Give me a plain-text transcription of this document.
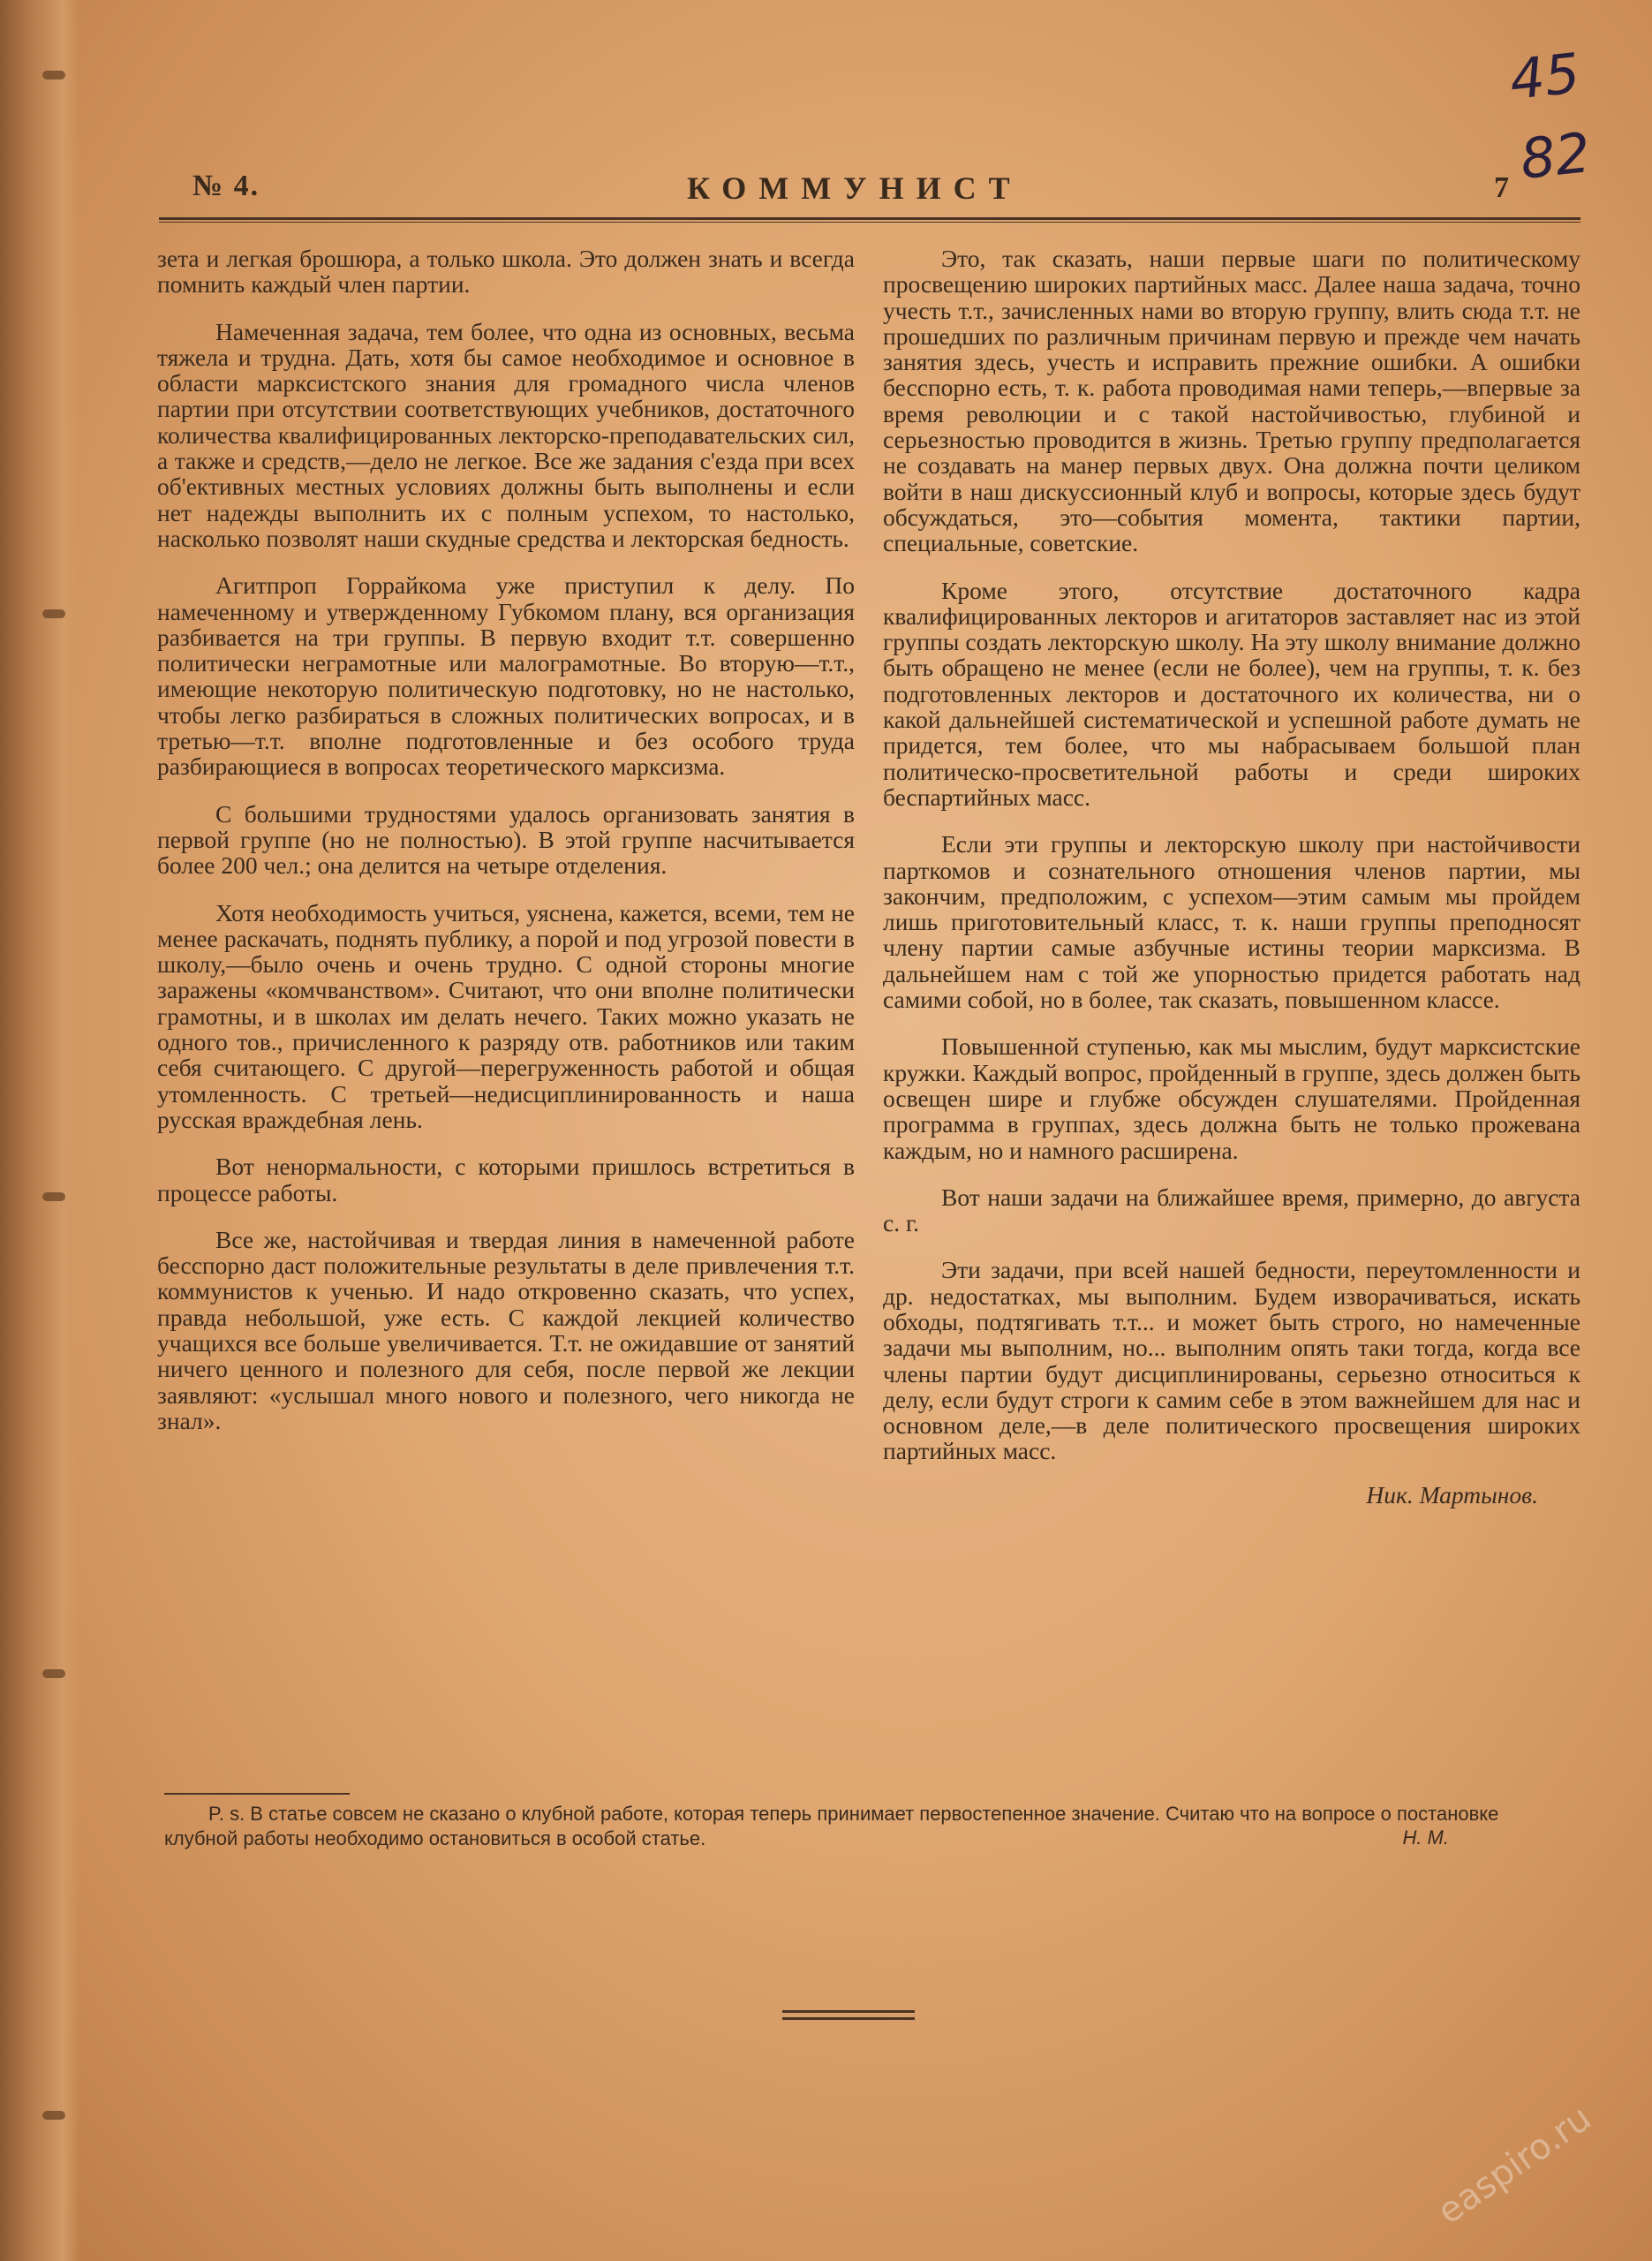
45
82
№ 4.	КОММУНИСТ	7

зета и легкая брошюра, а только школа. Это должен знать и всегда помнить каждый член партии.

Намеченная задача, тем более, что одна из основных, весьма тяжела и трудна. Дать, хотя бы самое необходимое и основное в области марксистского знания для громадного числа членов партии при отсутствии соответствующих учебников, достаточного количества квалифицированных лекторско-преподавательских сил, а также и средств,—дело не легкое. Все же задания с'езда при всех об'ективных местных условиях должны быть выполнены и если нет надежды выполнить их с полным успехом, то настолько, насколько позволят наши скудные средства и лекторская бедность.

Агитпроп Горрайкома уже приступил к делу. По намеченному и утвержденному Губкомом плану, вся организация разбивается на три группы. В первую входит т.т. совершенно политически неграмотные или малограмотные. Во вторую—т.т., имеющие некоторую политическую подготовку, но не настолько, чтобы легко разбираться в сложных политических вопросах, и в третью—т.т. вполне подготовленные и без особого труда разбирающиеся в вопросах теоретического марксизма.

С большими трудностями удалось организовать занятия в первой группе (но не полностью). В этой группе насчитывается более 200 чел.; она делится на четыре отделения.

Хотя необходимость учиться, уяснена, кажется, всеми, тем не менее раскачать, поднять публику, а порой и под угрозой повести в школу,—было очень и очень трудно. С одной стороны многие заражены «комчванством». Считают, что они вполне политически грамотны, и в школах им делать нечего. Таких можно указать не одного тов., причисленного к разряду отв. работников или таким себя считающего. С другой—перегруженность работой и общая утомленность. С третьей—недисциплинированность и наша русская враждебная лень.

Вот ненормальности, с которыми пришлось встретиться в процессе работы.

Все же, настойчивая и твердая линия в намеченной работе бесспорно даст положительные результаты в деле привлечения т.т. коммунистов к ученью. И надо откровенно сказать, что успех, правда небольшой, уже есть. С каждой лекцией количество учащихся все больше увеличивается. Т.т. не ожидавшие от занятий ничего ценного и полезного для себя, после первой же лекции заявляют: «услышал много нового и полезного, чего никогда не знал».

Это, так сказать, наши первые шаги по политическому просвещению широких партийных масс. Далее наша задача, точно учесть т.т., зачисленных нами во вторую группу, влить сюда т.т. не прошедших по различным причинам первую и прежде чем начать занятия здесь, учесть и исправить прежние ошибки. А ошибки бесспорно есть, т. к. работа проводимая нами теперь,—впервые за время революции и с такой настойчивостью, глубиной и серьезностью проводится в жизнь. Третью группу предполагается не создавать на манер первых двух. Она должна почти целиком войти в наш дискуссионный клуб и вопросы, которые здесь будут обсуждаться, это—события момента, тактики партии, специальные, советские.

Кроме этого, отсутствие достаточного кадра квалифицированных лекторов и агитаторов заставляет нас из этой группы создать лекторскую школу. На эту школу внимание должно быть обращено не менее (если не более), чем на группы, т. к. без подготовленных лекторов и достаточного их количества, ни о какой дальнейшей систематической и успешной работе думать не придется, тем более, что мы набрасываем большой план политическо-просветительной работы и среди широких беспартийных масс.

Если эти группы и лекторскую школу при настойчивости парткомов и сознательного отношения членов партии, мы закончим, предположим, с успехом—этим самым мы пройдем лишь приготовительный класс, т. к. наши группы преподносят члену партии самые азбучные истины теории марксизма. В дальнейшем нам с той же упорностью придется работать над самими собой, но в более, так сказать, повышенном классе.

Повышенной ступенью, как мы мыслим, будут марксистские кружки. Каждый вопрос, пройденный в группе, здесь должен быть освещен шире и глубже обсужден слушателями. Пройденная программа в группах, здесь должна быть не только прожевана каждым, но и намного расширена.

Вот наши задачи на ближайшее время, примерно, до августа с. г.

Эти задачи, при всей нашей бедности, переутомленности и др. недостатках, мы выполним. Будем изворачиваться, искать обходы, подтягивать т.т... и может быть строго, но намеченные задачи мы выполним, но... выполним опять таки тогда, когда все члены партии будут дисциплинированы, серьезно относиться к делу, если будут строги к самим себе в этом важнейшем для нас и основном деле,—в деле политического просвещения широких партийных масс.

Ник. Мартынов.
P. s. В статье совсем не сказано о клубной работе, которая теперь принимает первостепенное значение. Считаю что на вопросе о постановке клубной работы необходимо остановиться в особой статье.	Н. М.
easpiro.ru
